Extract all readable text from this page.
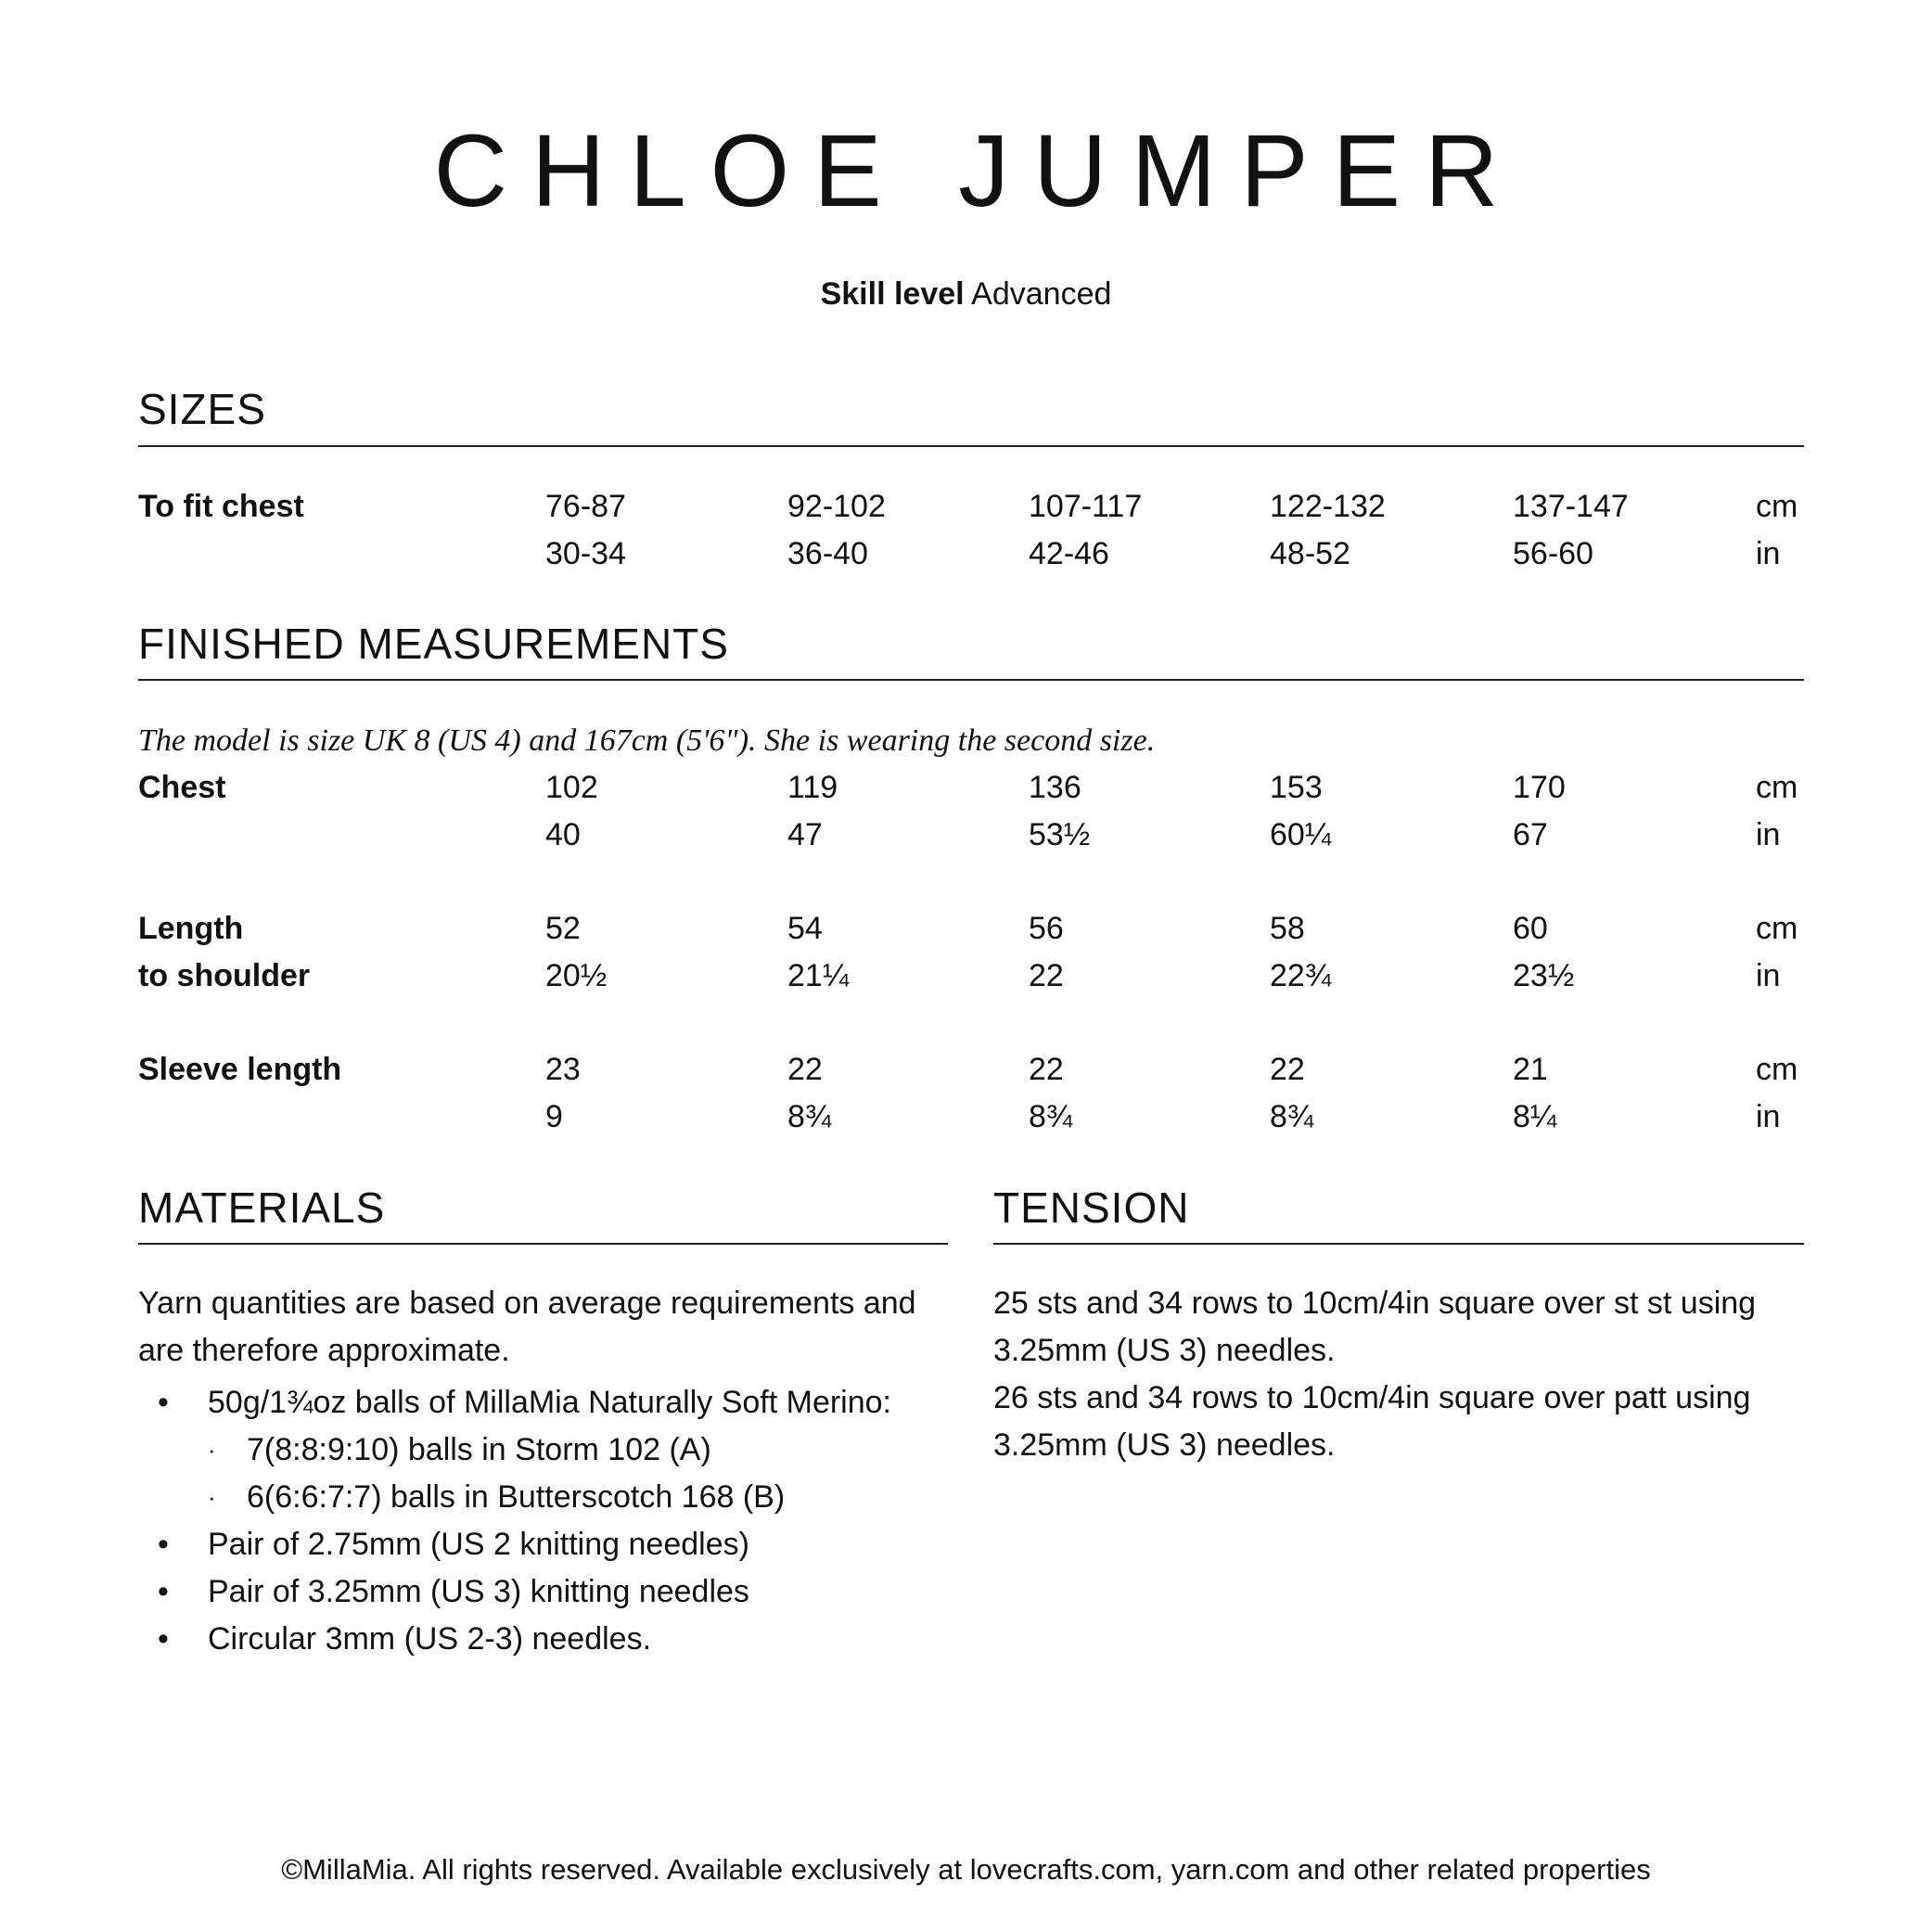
CHLOE JUMPER
Skill level Advanced
SIZES
To fit chest	76-87	92-102	107-117	122-132	137-147	cm
30-34	36-40	42-46	48-52	56-60	in
FINISHED MEASUREMENTS
The model is size UK 8 (US 4) and 167cm (5'6"). She is wearing the second size.
Chest	102	119	136	153	170	cm
40	47	53½	60¼	67	in
Length
to shoulder
52	54	56	58	60	cm
20½	21¼	22	22¾	23½	in
Sleeve length	23	22	22	22	21	cm
9	8¾	8¾	8¾	8¼	in
MATERIALS
Yarn quantities are based on average requirements and
are therefore approximate.
• 50g/1¾oz balls of MillaMia Naturally Soft Merino:
· 7(8:8:9:10) balls in Storm 102 (A)
· 6(6:6:7:7) balls in Butterscotch 168 (B)
• Pair of 2.75mm (US 2 knitting needles)
• Pair of 3.25mm (US 3) knitting needles
• Circular 3mm (US 2-3) needles.
TENSION
25 sts and 34 rows to 10cm/4in square over st st using
3.25mm (US 3) needles.
26 sts and 34 rows to 10cm/4in square over patt using
3.25mm (US 3) needles.
©MillaMia. All rights reserved. Available exclusively at lovecrafts.com, yarn.com and other related properties
